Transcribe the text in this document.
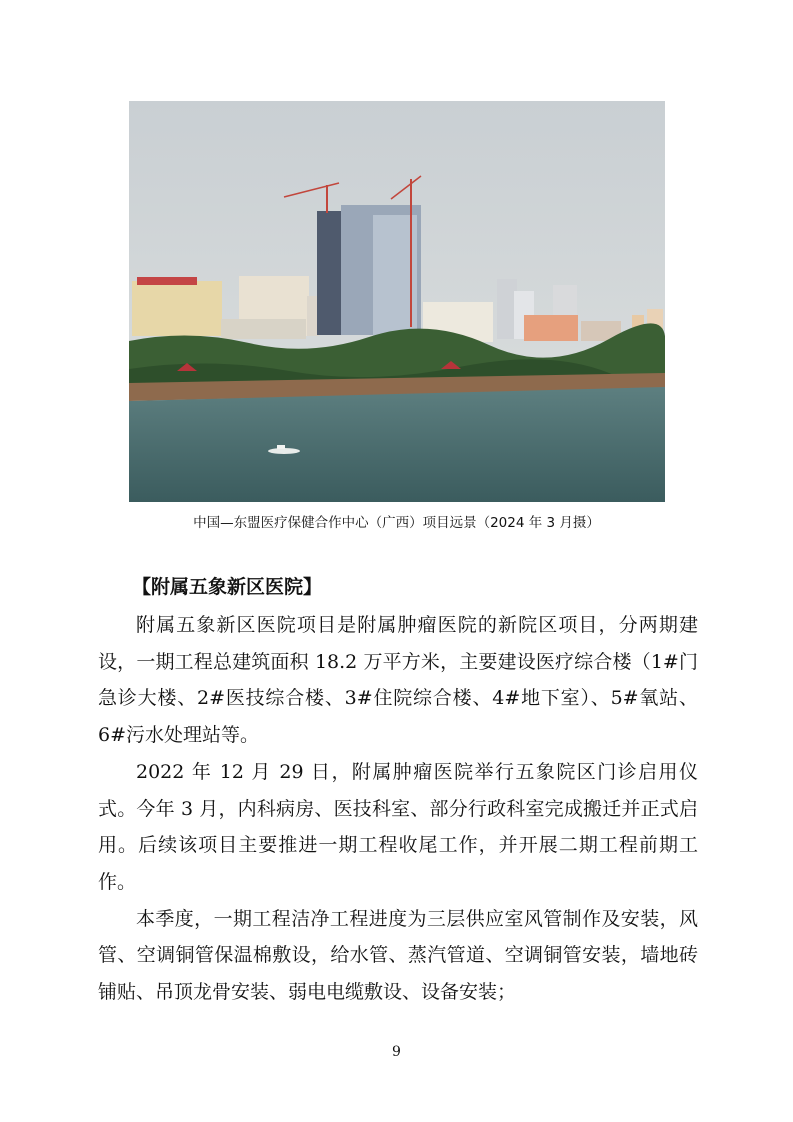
中国—东盟医疗保健合作中心（广西）项目远景（2024 年 3 月摄）
【附属五象新区医院】

附属五象新区医院项目是附属肿瘤医院的新院区项目，分两期建设，一期工程总建筑面积 18.2 万平方米，主要建设医疗综合楼（1#门急诊大楼、2#医技综合楼、3#住院综合楼、4#地下室）、5#氧站、6#污水处理站等。

2022 年 12 月 29 日，附属肿瘤医院举行五象院区门诊启用仪式。今年 3 月，内科病房、医技科室、部分行政科室完成搬迁并正式启用。后续该项目主要推进一期工程收尾工作，并开展二期工程前期工作。

本季度，一期工程洁净工程进度为三层供应室风管制作及安装，风管、空调铜管保温棉敷设，给水管、蒸汽管道、空调铜管安装，墙地砖铺贴、吊顶龙骨安装、弱电电缆敷设、设备安装；

9
